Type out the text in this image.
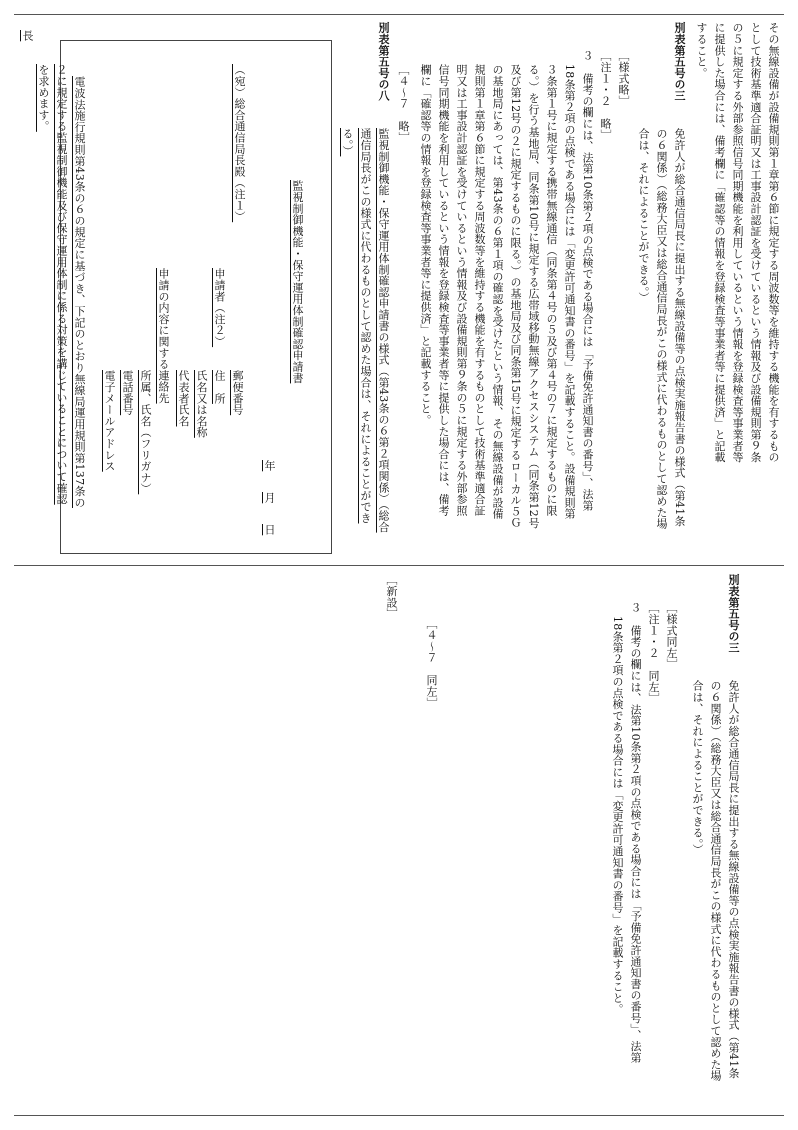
その無線設備が設備規則第１章第６節に規定する周波数等を維持する機能を有するもの
として技術基準適合証明又は工事設計認証を受けているという情報及び設備規則第９条
の５に規定する外部参照信号同期機能を利用しているという情報を登録検査等事業者等
に提供した場合には、備考欄に「確認等の情報を登録検査等事業者等に提供済」と記載
すること。
別表第五号の三
免許人が総合通信局長に提出する無線設備等の点検実施報告書の様式（第41条
の６関係）（総務大臣又は総合通信局長がこの様式に代わるものとして認めた場
合は、それによることができる。）
［様式略］
［注１・２　略］
３　備考の欄には、法第10条第２項の点検である場合には「予備免許通知書の番号」、法第
18条第２項の点検である場合には「変更許可通知書の番号」を記載すること。設備規則第
３条第１号に規定する携帯無線通信（同条第４号の５及び第４号の７に規定するものに限
る。）を行う基地局、同条第10号に規定する広帯域移動無線アクセスシステム（同条第12号
及び第12号の２に規定するものに限る。）の基地局及び同条第15号に規定するローカル５Ｇ
の基地局にあっては、第43条の６第１項の確認を受けたという情報、その無線設備が設備
規則第１章第６節に規定する周波数等を維持する機能を有するものとして技術基準適合証
明又は工事設計認証を受けているという情報及び設備規則第９条の５に規定する外部参照
信号同期機能を利用しているという情報を登録検査等事業者等に提供した場合には、備考
欄に「確認等の情報を登録検査等事業者等に提供済」と記載すること。
［４～７　略］
別表第五号の八
監視制御機能・保守運用体制確認申請書の様式（第43条の６第２項関係）（総合
通信局長がこの様式に代わるものとして認めた場合は、それによることができ
る。）
監視制御機能・保守運用体制確認申請書
年
月
日
（宛）総合通信局長殿（注１）
申請者（注２）
郵便番号
住　所
氏名又は名称
代表者氏名
申請の内容に関する連絡先
所属、氏名（フリガナ）
電話番号
電子メールアドレス
電波法施行規則第43条の６の規定に基づき、下記のとおり無線局運用規則第137条の
２に規定する監視制御機能及び保守運用体制に係る対策を講じていることについて確認
を求めます。
長
別表第五号の三
免許人が総合通信局長に提出する無線設備等の点検実施報告書の様式（第41条
の６関係）（総務大臣又は総合通信局長がこの様式に代わるものとして認めた場
合は、それによることができる。）
［様式同左］
［注１・２　同左］
３　備考の欄には、法第10条第２項の点検である場合には「予備免許通知書の番号」、法第
18条第２項の点検である場合には「変更許可通知書の番号」を記載すること。
［４～７　同左］
［新設］
